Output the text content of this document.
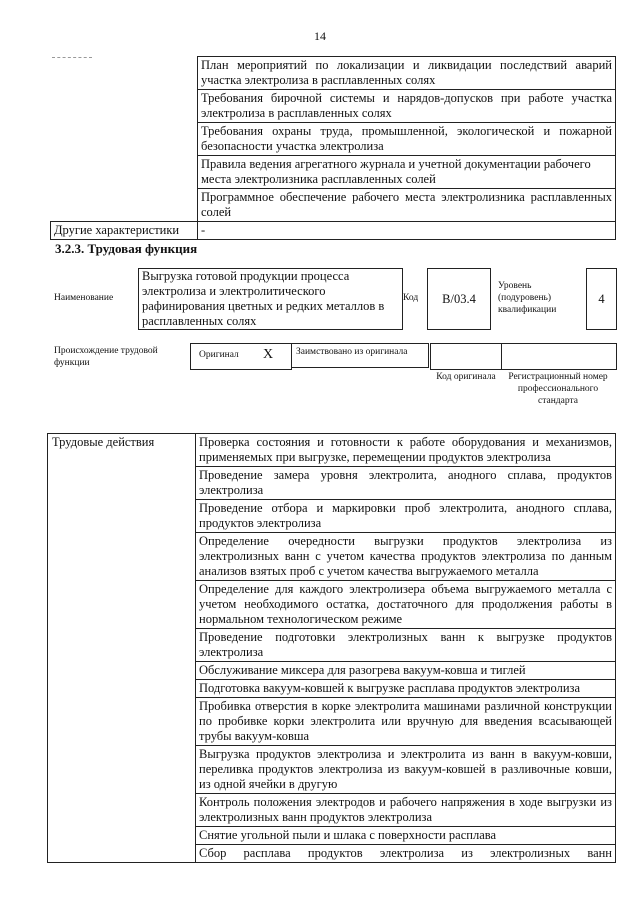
14
	План мероприятий по локализации и ликвидации последствий аварий участка электролиза в расплавленных солях
	Требования бирочной системы и нарядов-допусков при работе участка электролиза в расплавленных солях
	Требования охраны труда, промышленной, экологической и пожарной безопасности участка электролиза
	Правила ведения агрегатного журнала и учетной документации рабочего места электролизника расплавленных солей
	Программное обеспечение рабочего места электролизника расплавленных солей
Другие характеристики	-
3.2.3. Трудовая функция
Наименование
Выгрузка готовой продукции процесса электролиза и электролитического рафинирования цветных и редких металлов в расплавленных солях
Код	B/03.4
Уровень (подуровень) квалификации
4
Происхождение трудовой функции
Оригинал X	Заимствовано из оригинала
Код оригинала	Регистрационный номер профессионального стандарта
Трудовые действия	Проверка состояния и готовности к работе оборудования и механизмов, применяемых при выгрузке, перемещении продуктов электролиза
Проведение замера уровня электролита, анодного сплава, продуктов электролиза
Проведение отбора и маркировки проб электролита, анодного сплава, продуктов электролиза
Определение очередности выгрузки продуктов электролиза из электролизных ванн с учетом качества продуктов электролиза по данным анализов взятых проб с учетом качества выгружаемого металла
Определение для каждого электролизера объема выгружаемого металла с учетом необходимого остатка, достаточного для продолжения работы в нормальном технологическом режиме
Проведение подготовки электролизных ванн к выгрузке продуктов электролиза
Обслуживание миксера для разогрева вакуум-ковша и тиглей
Подготовка вакуум-ковшей к выгрузке расплава продуктов электролиза
Пробивка отверстия в корке электролита машинами различной конструкции по пробивке корки электролита или вручную для введения всасывающей трубы вакуум-ковша
Выгрузка продуктов электролиза и электролита из ванн в вакуум-ковши, переливка продуктов электролиза из вакуум-ковшей в разливочные ковши, из одной ячейки в другую
Контроль положения электродов и рабочего напряжения в ходе выгрузки из электролизных ванн продуктов электролиза
Снятие угольной пыли и шлака с поверхности расплава
Сбор расплава продуктов электролиза из электролизных ванн
